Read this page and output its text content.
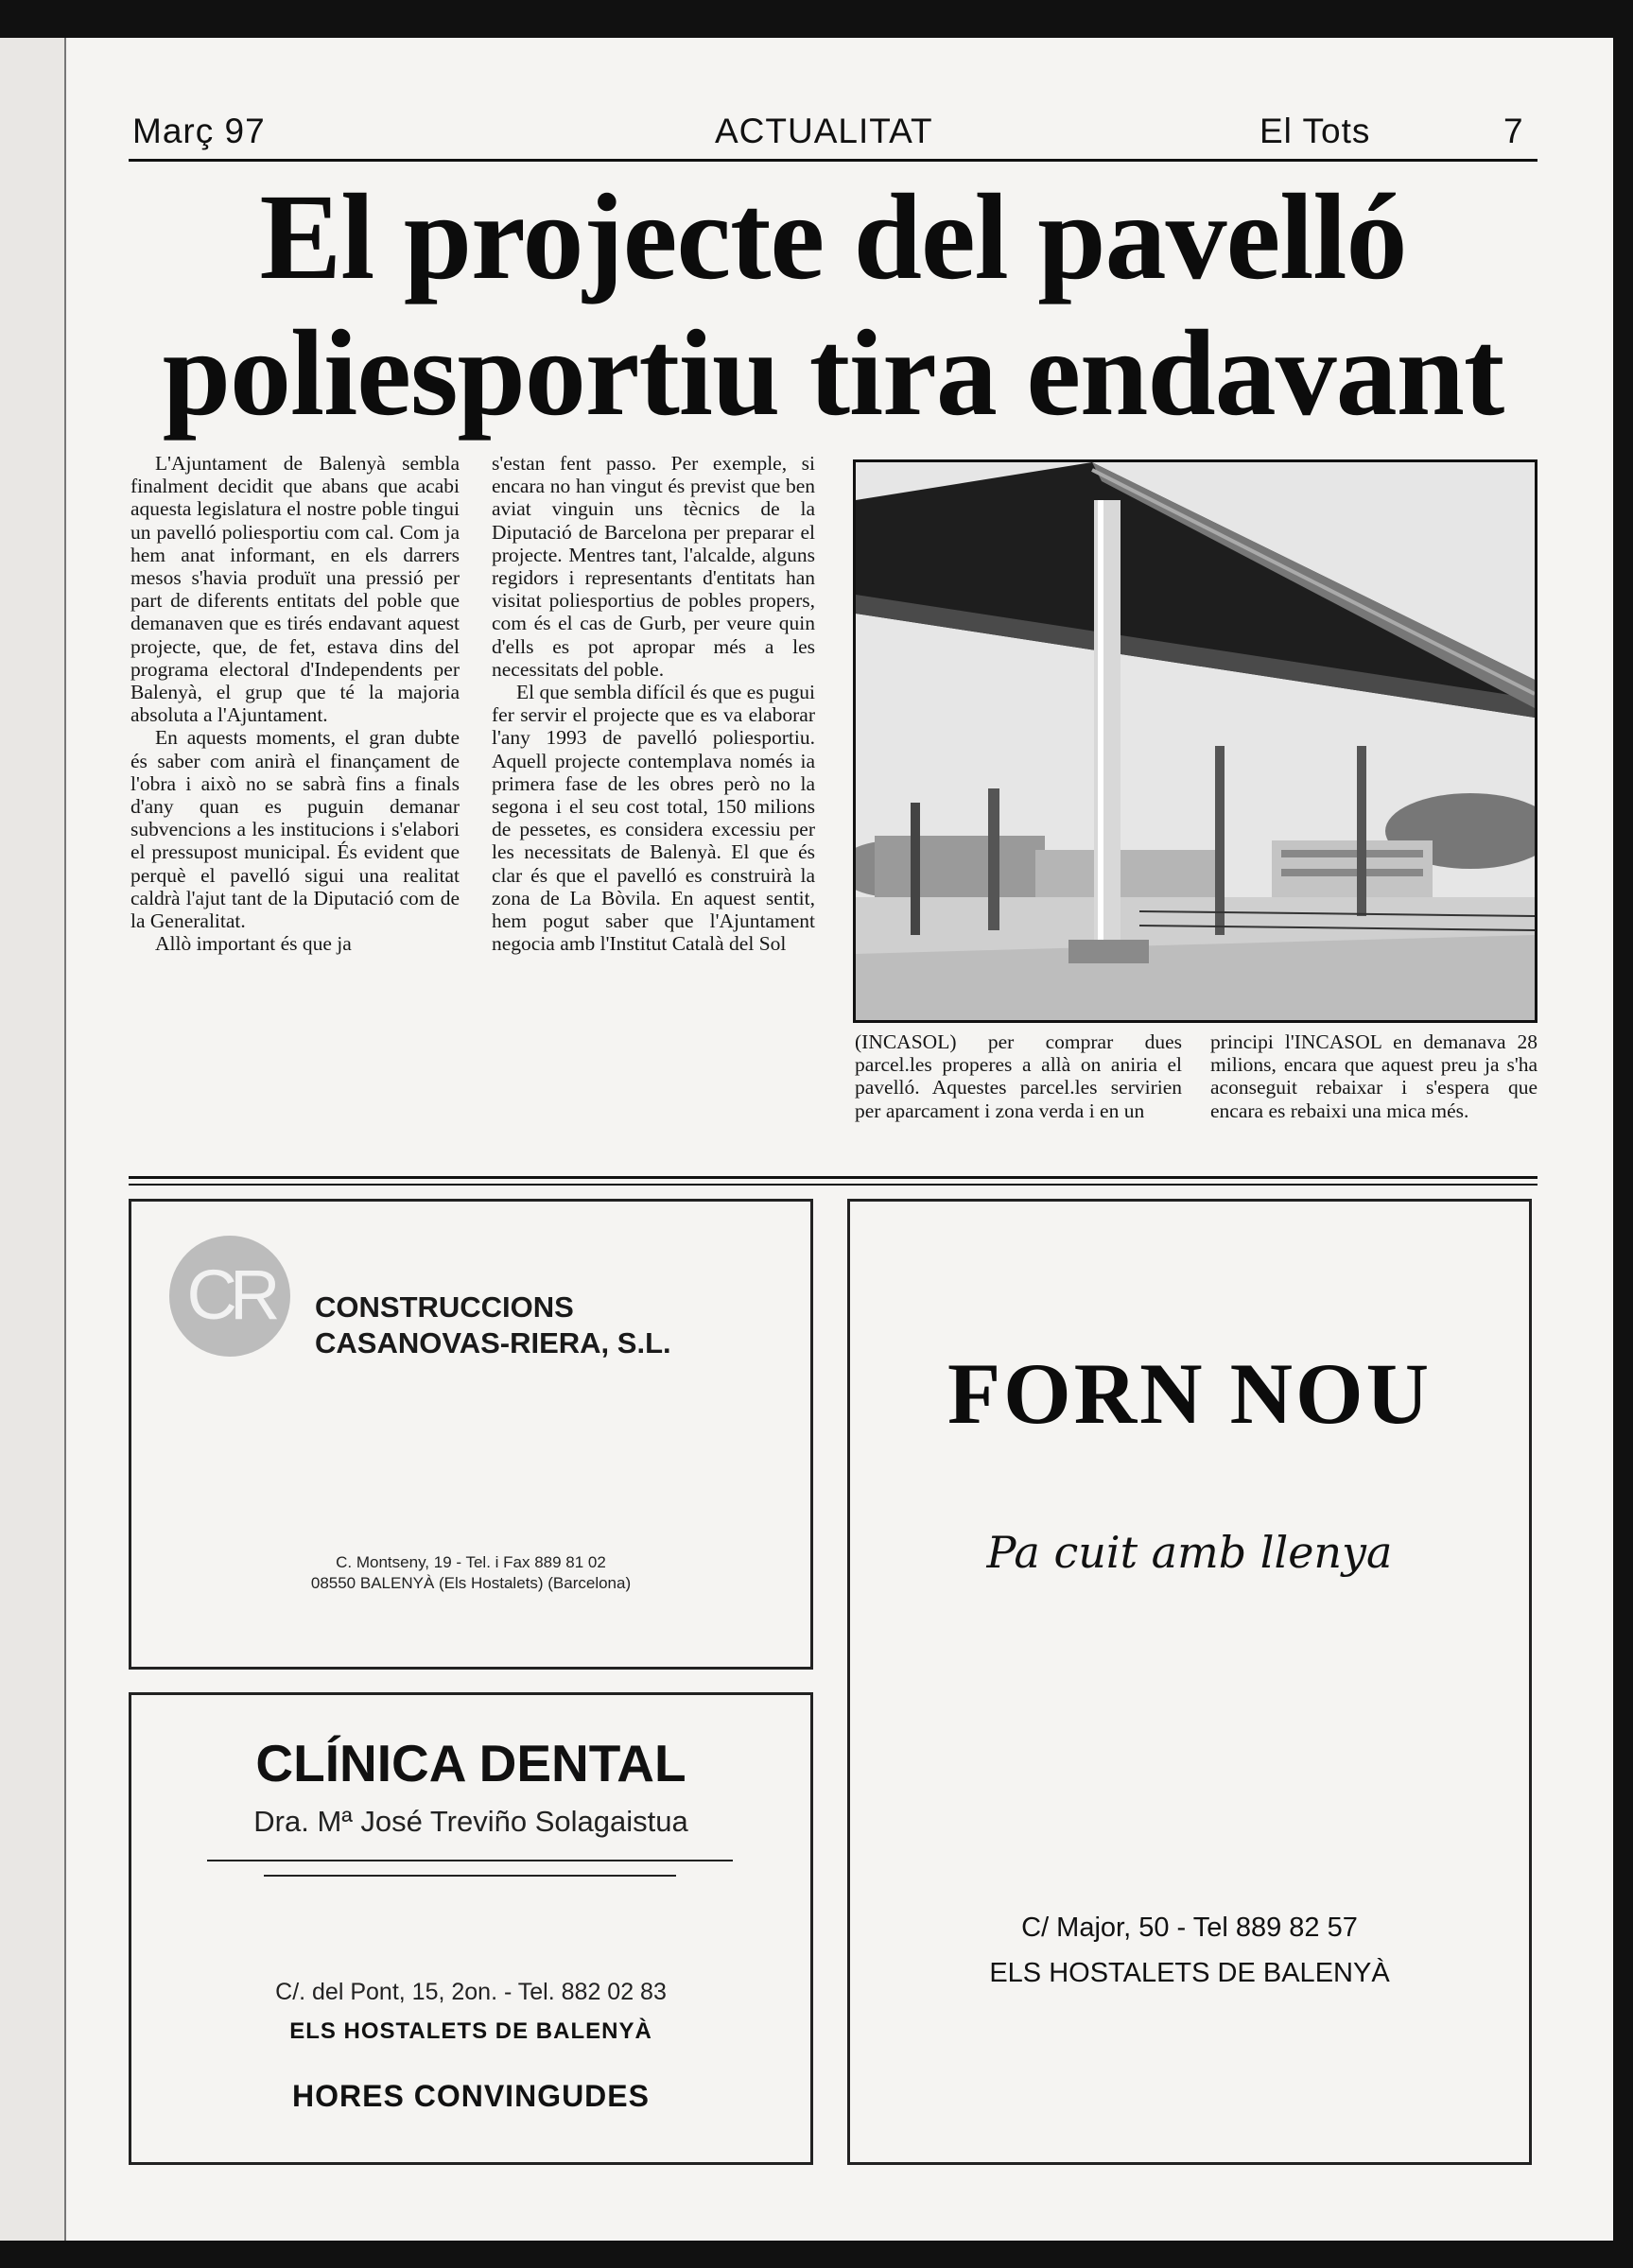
Març 97	ACTUALITAT	El Tots	7
El projecte del pavelló
poliesportiu tira endavant

L'Ajuntament de Balenyà sembla finalment decidit que abans que acabi aquesta legislatura el nostre poble tingui un pavelló poliesportiu com cal. Com ja hem anat informant, en els darrers mesos s'havia produït una pressió per part de diferents entitats del poble que demanaven que es tirés endavant aquest projecte, que, de fet, estava dins del programa electoral d'Independents per Balenyà, el grup que té la majoria absoluta a l'Ajuntament.

En aquests moments, el gran dubte és saber com anirà el finançament de l'obra i això no se sabrà fins a finals d'any quan es puguin demanar subvencions a les institucions i s'elabori el pressupost municipal. És evident que perquè el pavelló sigui una realitat caldrà l'ajut tant de la Diputació com de la Generalitat.

Allò important és que ja

s'estan fent passo. Per exemple, si encara no han vingut és previst que ben aviat vinguin uns tècnics de la Diputació de Barcelona per preparar el projecte. Mentres tant, l'alcalde, alguns regidors i representants d'entitats han visitat poliesportius de pobles propers, com és el cas de Gurb, per veure quin d'ells es pot apropar més a les necessitats del poble.

El que sembla difícil és que es pugui fer servir el projecte que es va elaborar l'any 1993 de pavelló poliesportiu. Aquell projecte contemplava només ia primera fase de les obres però no la segona i el seu cost total, 150 milions de pessetes, es considera excessiu per les necessitats de Balenyà. El que és clar és que el pavelló es construirà la zona de La Bòvila. En aquest sentit, hem pogut saber que l'Ajuntament negocia amb l'Institut Català del Sol

(INCASOL) per comprar dues parcel.les properes a allà on aniria el pavelló. Aquestes parcel.les servirien per aparcament i zona verda i en un

principi l'INCASOL en demanava 28 milions, encara que aquest preu ja s'ha aconseguit rebaixar i s'espera que encara es rebaixi una mica més.

CR	CONSTRUCCIONS
CASANOVAS-RIERA, S.L.
C. Montseny, 19 - Tel. i Fax 889 81 02
08550 BALENYÀ (Els Hostalets) (Barcelona)
CLÍNICA DENTAL
Dra. Mª José Treviño Solagaistua
C/. del Pont, 15, 2on. - Tel. 882 02 83
ELS HOSTALETS DE BALENYÀ
HORES CONVINGUDES
FORN NOU
Pa cuit amb llenya
C/ Major, 50 - Tel 889 82 57
ELS HOSTALETS DE BALENYÀ
